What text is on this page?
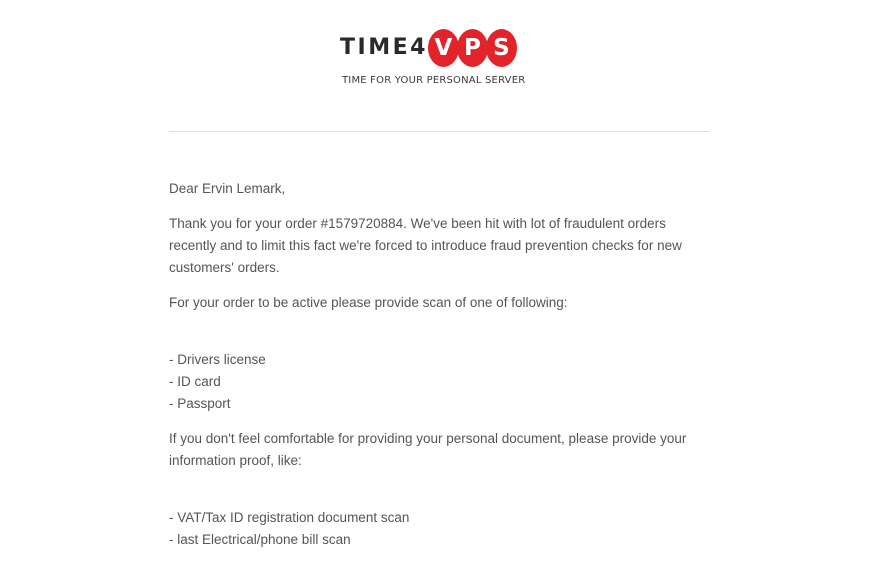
TIME4 V P S
TIME FOR YOUR PERSONAL SERVER

Dear Ervin Lemark,

Thank you for your order #1579720884. We've been hit with lot of fraudulent orders recently and to limit this fact we're forced to introduce fraud prevention checks for new customers' orders.

For your order to be active please provide scan of one of following:

- Drivers license
- ID card
- Passport

If you don't feel comfortable for providing your personal document, please provide your information proof, like:

- VAT/Tax ID registration document scan
- last Electrical/phone bill scan
